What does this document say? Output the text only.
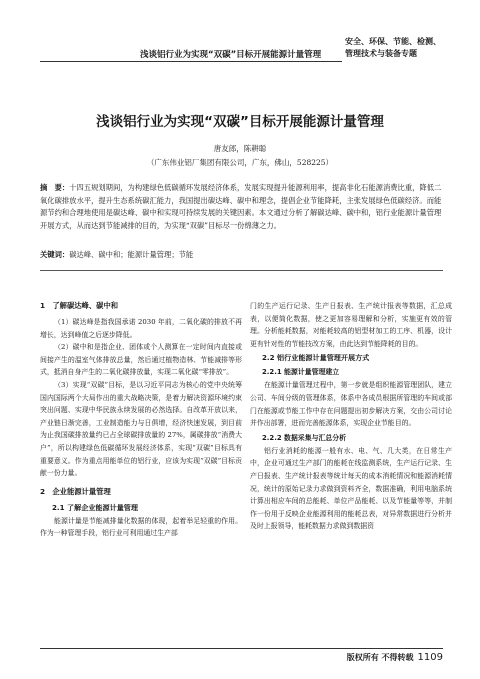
浅谈铝行业为实现“双碳”目标开展能源计量管理
安全、环保、节能、检测、
管理技术与装备专题
浅谈铝行业为实现“双碳”目标开展能源计量管理
唐友郎，陈耕聪
（广东伟业铝厂集团有限公司，广东，佛山，528225）
摘　要：十四五规划期间，为构建绿色低碳循环发展经济体系，发展实现提升能源利用率，提高非化石能源消费比重，降低二氧化碳排放水平，提升生态系统碳汇能力，我国提出碳达峰、碳中和理念，提倡企业节能降耗，主张发展绿色低碳经济。而能源节约和合理地使用是碳达峰、碳中和实现可持续发展的关键因素。本文通过分析了解碳达峰、碳中和，铝行业能源计量管理开展方式，从而达到节能减排的目的，为实现“双碳”目标尽一份绵薄之力。
关键词：碳达峰、碳中和；能源计量管理；节能
1　了解碳达峰、碳中和

（1）碳达峰是指我国承诺 2030 年前，二氧化碳的排放不再增长，达到峰值之后逐步降低。

（2）碳中和是指企业、团体或个人测算在一定时间内直接或间接产生的温室气体排放总量，然后通过植物造林、节能减排等形式，抵消自身产生的二氧化碳排放量，实现二氧化碳“零排放”。

（3）实现“双碳”目标，是以习近平同志为核心的党中央统筹国内国际两个大局作出的重大战略决策，是着力解决资源环境约束突出问题、实现中华民族永续发展的必然选择。自改革开放以来，产业链日渐完善，工业制造能力与日俱增，经济快速发展，到目前为止我国碳排放量约已占全球碳排放量的 27%，属碳排放“消费大户”，所以构建绿色低碳循环发展经济体系，实现“双碳”目标具有重要意义。作为重点用能单位的铝行业，应该为实现“双碳”目标贡献一份力量。

2　企业能源计量管理
2.1 了解企业能源计量管理

能源计量是节能减排量化数据的体现，起着举足轻重的作用。作为一种管理手段，铝行业可利用通过生产部

门的生产运行记录、生产日报表、生产统计报表等数据，汇总成表，以便简化数据，使之更加容易理解和分析，实施更有效的管理。分析能耗数据，对能耗较高的铝型材加工的工序、机器，设计更有针对性的节能技改方案，由此达到节能降耗的目的。

2.2 铝行业能源计量管理开展方式
2.2.1 能源计量管理建立

在能源计量管理过程中，第一步就是组织能源管理团队，建立公司、车间分级的管理体系，体系中各成员根据所管理的车间或部门在能源或节能工作中存在问题提出初步解决方案，交由公司讨论并作出部署，进而完善能源体系，实现企业节能目的。

2.2.2 数据采集与汇总分析

铝行业消耗的能源一般有水、电、气、几大类，在日常生产中，企业可通过生产部门的能耗在线监测系统，生产运行记录、生产日报表、生产统计报表等统计每天的成本消耗情况和能源消耗情况，统计的原始记录力求做到资料齐全，数据准确，利用电脑系统计算出相应车间的总能耗、单位产品能耗、以及节能量等等，并制作一份用于反映企业能源利用的能耗总表，对异常数据进行分析并及时上报领导，能耗数据力求做到数据资

版权所有 不得转载 1109
